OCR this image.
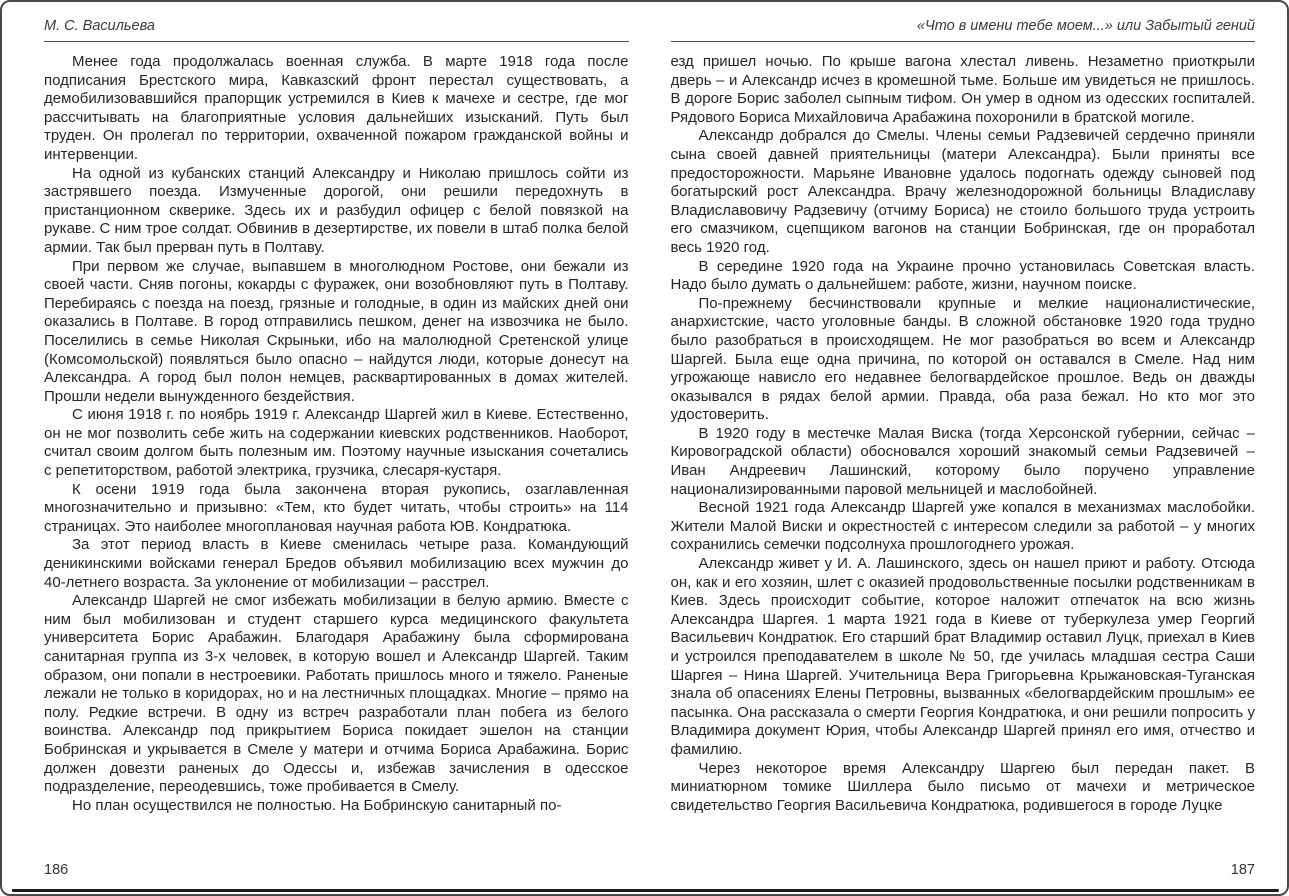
М. С. Васильева

Менее года продолжалась военная служба. В марте 1918 года после подписания Брестского мира, Кавказский фронт перестал существовать, а демобилизовавшийся прапорщик устремился в Киев к мачехе и сестре, где мог рассчитывать на благоприятные условия дальнейших изысканий. Путь был труден. Он пролегал по территории, охваченной пожаром гражданской войны и интервенции.

На одной из кубанских станций Александру и Николаю пришлось сойти из застрявшего поезда. Измученные дорогой, они решили передохнуть в пристанционном скверике. Здесь их и разбудил офицер с белой повязкой на рукаве. С ним трое солдат. Обвинив в дезертирстве, их повели в штаб полка белой армии. Так был прерван путь в Полтаву.

При первом же случае, выпавшем в многолюдном Ростове, они бежали из своей части. Сняв погоны, кокарды с фуражек, они возобновляют путь в Полтаву. Перебираясь с поезда на поезд, грязные и голодные, в один из майских дней они оказались в Полтаве. В город отправились пешком, денег на извозчика не было. Поселились в семье Николая Скрыньки, ибо на малолюдной Сретенской улице (Комсомольской) появляться было опасно – найдутся люди, которые донесут на Александра. А город был полон немцев, расквартированных в домах жителей. Прошли недели вынужденного бездействия.

С июня 1918 г. по ноябрь 1919 г. Александр Шаргей жил в Киеве. Естественно, он не мог позволить себе жить на содержании киевских родственников. Наоборот, считал своим долгом быть полезным им. Поэтому научные изыскания сочетались с репетиторством, работой электрика, грузчика, слесаря-кустаря.

К осени 1919 года была закончена вторая рукопись, озаглавленная многозначительно и призывно: «Тем, кто будет читать, чтобы строить» на 114 страницах. Это наиболее многоплановая научная работа ЮВ. Кондратюка.

За этот период власть в Киеве сменилась четыре раза. Командующий деникинскими войсками генерал Бредов объявил мобилизацию всех мужчин до 40-летнего возраста. За уклонение от мобилизации – расстрел.

Александр Шаргей не смог избежать мобилизации в белую армию. Вместе с ним был мобилизован и студент старшего курса медицинского факультета университета Борис Арабажин. Благодаря Арабажину была сформирована санитарная группа из 3-х человек, в которую вошел и Александр Шаргей. Таким образом, они попали в нестроевики. Работать пришлось много и тяжело. Раненые лежали не только в коридорах, но и на лестничных площадках. Многие – прямо на полу. Редкие встречи. В одну из встреч разработали план побега из белого воинства. Александр под прикрытием Бориса покидает эшелон на станции Бобринская и укрывается в Смеле у матери и отчима Бориса Арабажина. Борис должен довезти раненых до Одессы и, избежав зачисления в одесское подразделение, переодевшись, тоже пробивается в Смелу.

Но план осуществился не полностью. На Бобринскую санитарный по-

186
«Что в имени тебе моем...» или Забытый гений

езд пришел ночью. По крыше вагона хлестал ливень. Незаметно приоткрыли дверь – и Александр исчез в кромешной тьме. Больше им увидеться не пришлось. В дороге Борис заболел сыпным тифом. Он умер в одном из одесских госпиталей. Рядового Бориса Михайловича Арабажина похоронили в братской могиле.

Александр добрался до Смелы. Члены семьи Радзевичей сердечно приняли сына своей давней приятельницы (матери Александра). Были приняты все предосторожности. Марьяне Ивановне удалось подогнать одежду сыновей под богатырский рост Александра. Врачу железнодорожной больницы Владиславу Владиславовичу Радзевичу (отчиму Бориса) не стоило большого труда устроить его смазчиком, сцепщиком вагонов на станции Бобринская, где он проработал весь 1920 год.

В середине 1920 года на Украине прочно установилась Советская власть. Надо было думать о дальнейшем: работе, жизни, научном поиске.

По-прежнему бесчинствовали крупные и мелкие националистические, анархистские, часто уголовные банды. В сложной обстановке 1920 года трудно было разобраться в происходящем. Не мог разобраться во всем и Александр Шаргей. Была еще одна причина, по которой он оставался в Смеле. Над ним угрожающе нависло его недавнее белогвардейское прошлое. Ведь он дважды оказывался в рядах белой армии. Правда, оба раза бежал. Но кто мог это удостоверить.

В 1920 году в местечке Малая Виска (тогда Херсонской губернии, сейчас – Кировоградской области) обосновался хороший знакомый семьи Радзевичей – Иван Андреевич Лашинский, которому было поручено управление национализированными паровой мельницей и маслобойней.

Весной 1921 года Александр Шаргей уже копался в механизмах маслобойки. Жители Малой Виски и окрестностей с интересом следили за работой – у многих сохранились семечки подсолнуха прошлогоднего урожая.

Александр живет у И. А. Лашинского, здесь он нашел приют и работу. Отсюда он, как и его хозяин, шлет с оказией продовольственные посылки родственникам в Киев. Здесь происходит событие, которое наложит отпечаток на всю жизнь Александра Шаргея. 1 марта 1921 года в Киеве от туберкулеза умер Георгий Васильевич Кондратюк. Его старший брат Владимир оставил Луцк, приехал в Киев и устроился преподавателем в школе № 50, где училась младшая сестра Саши Шаргея – Нина Шаргей. Учительница Вера Григорьевна Крыжановская-Туганская знала об опасениях Елены Петровны, вызванных «белогвардейским прошлым» ее пасынка. Она рассказала о смерти Георгия Кондратюка, и они решили попросить у Владимира документ Юрия, чтобы Александр Шаргей принял его имя, отчество и фамилию.

Через некоторое время Александру Шаргею был передан пакет. В миниатюрном томике Шиллера было письмо от мачехи и метрическое свидетельство Георгия Васильевича Кондратюка, родившегося в городе Луцке

187
